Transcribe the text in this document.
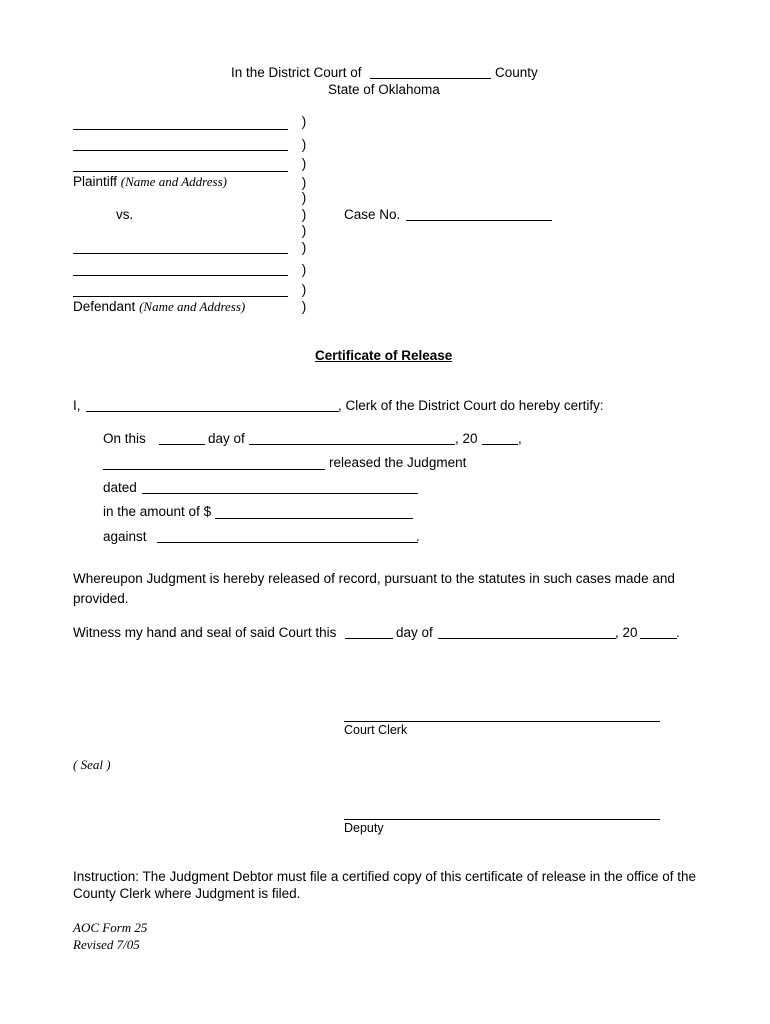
In the District Court of	County
State of Oklahoma
Plaintiff (Name and Address)
vs.
Defendant (Name and Address)
)
)
)
)
)
)
)
)
)
)
)
Case No.
Certificate of Release
I,	, Clerk of the District Court do hereby certify:
On this	day of	, 20	,
released the Judgment
dated
in the amount of $
against	.
Whereupon Judgment is hereby released of record, pursuant to the statutes in such cases made and provided.
Witness my hand and seal of said Court this	day of	, 20	.
Court Clerk
( Seal )
Deputy
Instruction: The Judgment Debtor must file a certified copy of this certificate of release in the office of the County Clerk where Judgment is filed.
AOC Form 25
Revised 7/05
